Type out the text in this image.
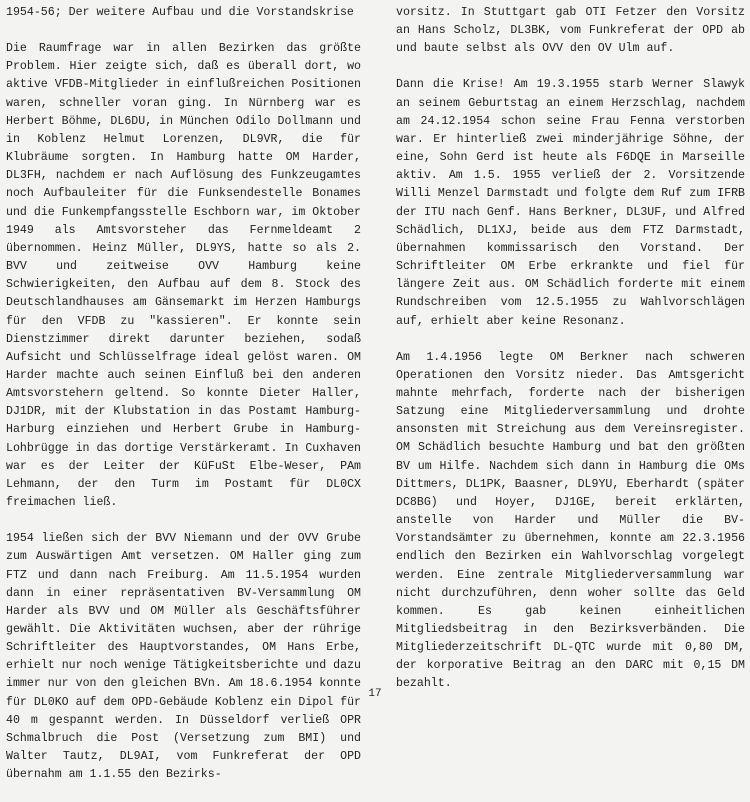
1954-56; Der weitere Aufbau und die Vorstandskrise

Die Raumfrage war in allen Bezirken das größte Problem. Hier zeigte sich, daß es überall dort, wo aktive VFDB-Mitglieder in einflußreichen Positionen waren, schneller voran ging. In Nürnberg war es Herbert Böhme, DL6DU, in München Odilo Dollmann und in Koblenz Helmut Lorenzen, DL9VR, die für Klubräume sorgten. In Hamburg hatte OM Harder, DL3FH, nachdem er nach Auflösung des Funkzeugamtes noch Aufbauleiter für die Funksendestelle Bonames und die Funkempfangsstelle Eschborn war, im Oktober 1949 als Amtsvorsteher das Fernmeldeamt 2 übernommen. Heinz Müller, DL9YS, hatte so als 2. BVV und zeitweise OVV Hamburg keine Schwierigkeiten, den Aufbau auf dem 8. Stock des Deutschlandhauses am Gänsemarkt im Herzen Hamburgs für den VFDB zu "kassieren". Er konnte sein Dienstzimmer direkt darunter beziehen, sodaß Aufsicht und Schlüsselfrage ideal gelöst waren. OM Harder machte auch seinen Einfluß bei den anderen Amtsvorstehern geltend. So konnte Dieter Haller, DJ1DR, mit der Klubstation in das Postamt Hamburg-Harburg einziehen und Herbert Grube in Hamburg-Lohbrügge in das dortige Verstärkeramt. In Cuxhaven war es der Leiter der KüFuSt Elbe-Weser, PAm Lehmann, der den Turm im Postamt für DL0CX freimachen ließ.

1954 ließen sich der BVV Niemann und der OVV Grube zum Auswärtigen Amt versetzen. OM Haller ging zum FTZ und dann nach Freiburg. Am 11.5.1954 wurden dann in einer repräsentativen BV-Versammlung OM Harder als BVV und OM Müller als Geschäftsführer gewählt. Die Aktivitäten wuchsen, aber der rührige Schriftleiter des Hauptvorstandes, OM Hans Erbe, erhielt nur noch wenige Tätigkeitsberichte und dazu immer nur von den gleichen BVn. Am 18.6.1954 konnte für DL0KO auf dem OPD-Gebäude Koblenz ein Dipol für 40 m gespannt werden. In Düsseldorf verließ OPR Schmalbruch die Post (Versetzung zum BMI) und Walter Tautz, DL9AI, vom Funkreferat der OPD übernahm am 1.1.55 den Bezirks-

vorsitz. In Stuttgart gab OTI Fetzer den Vorsitz an Hans Scholz, DL3BK, vom Funkreferat der OPD ab und baute selbst als OVV den OV Ulm auf.

Dann die Krise! Am 19.3.1955 starb Werner Slawyk an seinem Geburtstag an einem Herzschlag, nachdem am 24.12.1954 schon seine Frau Fenna verstorben war. Er hinterließ zwei minderjährige Söhne, der eine, Sohn Gerd ist heute als F6DQE in Marseille aktiv. Am 1.5. 1955 verließ der 2. Vorsitzende Willi Menzel Darmstadt und folgte dem Ruf zum IFRB der ITU nach Genf. Hans Berkner, DL3UF, und Alfred Schädlich, DL1XJ, beide aus dem FTZ Darmstadt, übernahmen kommissarisch den Vorstand. Der Schriftleiter OM Erbe erkrankte und fiel für längere Zeit aus. OM Schädlich forderte mit einem Rundschreiben vom 12.5.1955 zu Wahlvorschlägen auf, erhielt aber keine Resonanz.

Am 1.4.1956 legte OM Berkner nach schweren Operationen den Vorsitz nieder. Das Amtsgericht mahnte mehrfach, forderte nach der bisherigen Satzung eine Mitgliederversammlung und drohte ansonsten mit Streichung aus dem Vereinsregister. OM Schädlich besuchte Hamburg und bat den größten BV um Hilfe. Nachdem sich dann in Hamburg die OMs Dittmers, DL1PK, Baasner, DL9YU, Eberhardt (später DC8BG) und Hoyer, DJ1GE, bereit erklärten, anstelle von Harder und Müller die BV-Vorstandsämter zu übernehmen, konnte am 22.3.1956 endlich den Bezirken ein Wahlvorschlag vorgelegt werden. Eine zentrale Mitgliederversammlung war nicht durchzuführen, denn woher sollte das Geld kommen. Es gab keinen einheitlichen Mitgliedsbeitrag in den Bezirksverbänden. Die Mitgliederzeitschrift DL-QTC wurde mit 0,80 DM, der korporative Beitrag an den DARC mit 0,15 DM bezahlt.

17
